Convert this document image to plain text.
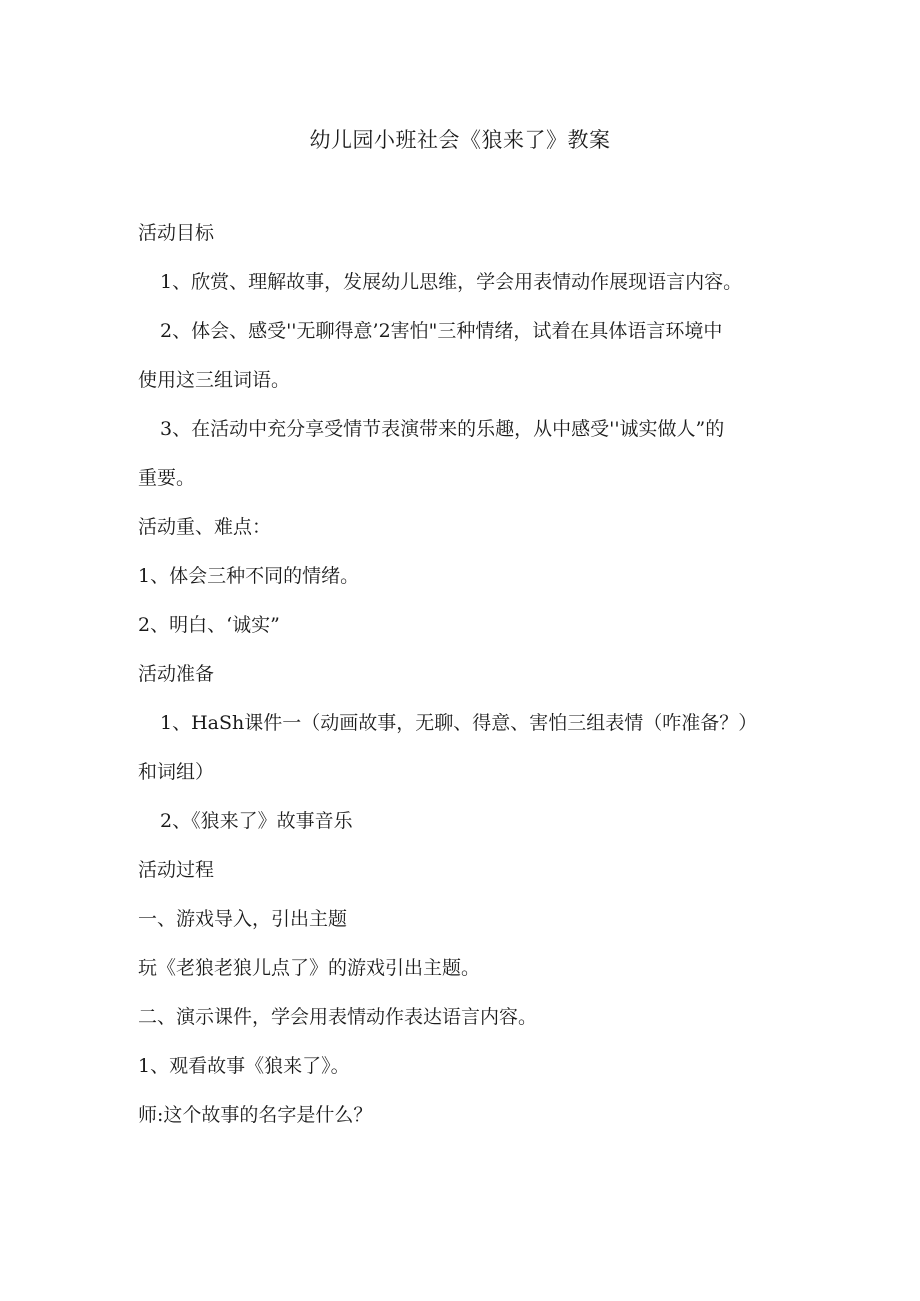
幼儿园小班社会《狼来了》教案
活动目标
1、欣赏、理解故事，发展幼儿思维，学会用表情动作展现语言内容。
2、体会、感受''无聊得意’2害怕"三种情绪，试着在具体语言环境中
使用这三组词语。
3、在活动中充分享受情节表演带来的乐趣，从中感受''诚实做人”的
重要。
活动重、难点：
1、体会三种不同的情绪。
2、明白、‘诚实”
活动准备
1、HaSh课件一（动画故事，无聊、得意、害怕三组表情（咋准备？）
和词组）
2、《狼来了》故事音乐
活动过程
一、游戏导入，引出主题
玩《老狼老狼儿点了》的游戏引出主题。
二、演示课件，学会用表情动作表达语言内容。
1、观看故事《狼来了》。
师:这个故事的名字是什么？
